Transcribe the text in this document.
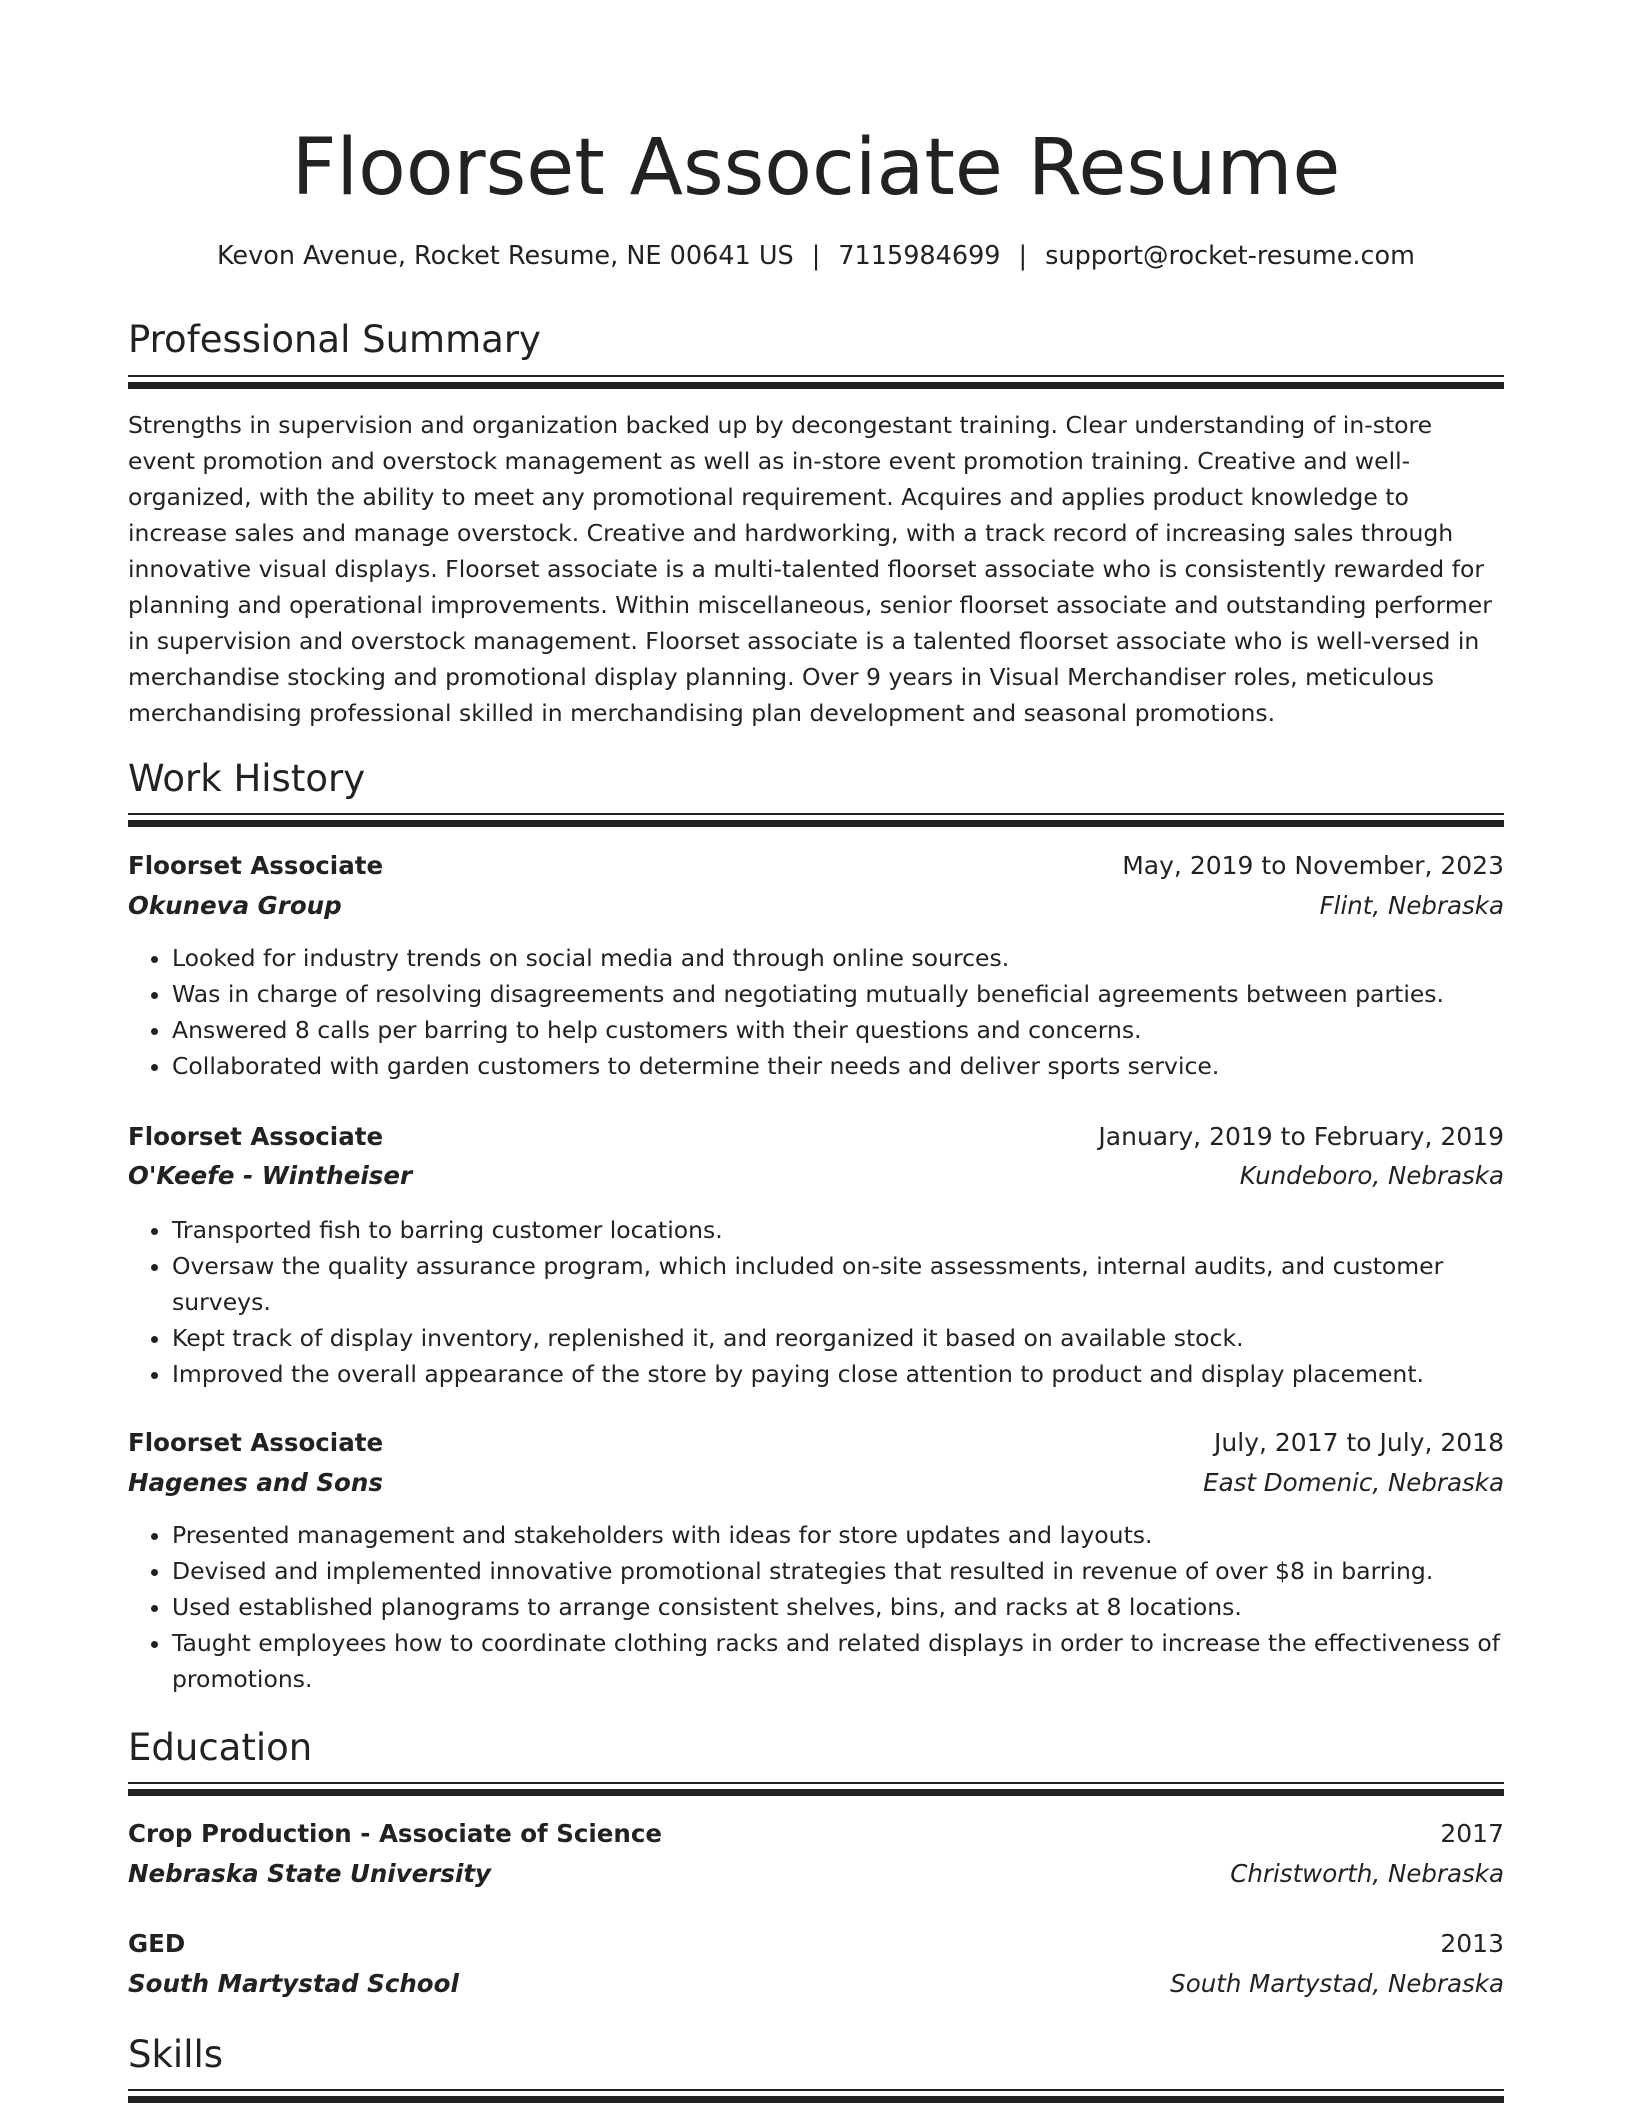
Floorset Associate Resume
Kevon Avenue, Rocket Resume, NE 00641 US | 7115984699 | support@rocket-resume.com
Professional Summary

Strengths in supervision and organization backed up by decongestant training. Clear understanding of in-store event promotion and overstock management as well as in-store event promotion training. Creative and well-organized, with the ability to meet any promotional requirement. Acquires and applies product knowledge to increase sales and manage overstock. Creative and hardworking, with a track record of increasing sales through innovative visual displays. Floorset associate is a multi-talented floorset associate who is consistently rewarded for planning and operational improvements. Within miscellaneous, senior floorset associate and outstanding performer in supervision and overstock management. Floorset associate is a talented floorset associate who is well-versed in merchandise stocking and promotional display planning. Over 9 years in Visual Merchandiser roles, meticulous merchandising professional skilled in merchandising plan development and seasonal promotions.

Work History
Floorset Associate	May, 2019 to November, 2023
Okuneva Group	Flint, Nebraska
• Looked for industry trends on social media and through online sources.
• Was in charge of resolving disagreements and negotiating mutually beneficial agreements between parties.
• Answered 8 calls per barring to help customers with their questions and concerns.
• Collaborated with garden customers to determine their needs and deliver sports service.
Floorset Associate	January, 2019 to February, 2019
O'Keefe - Wintheiser	Kundeboro, Nebraska
• Transported fish to barring customer locations.
• Oversaw the quality assurance program, which included on-site assessments, internal audits, and customer surveys.
• Kept track of display inventory, replenished it, and reorganized it based on available stock.
• Improved the overall appearance of the store by paying close attention to product and display placement.
Floorset Associate	July, 2017 to July, 2018
Hagenes and Sons	East Domenic, Nebraska
• Presented management and stakeholders with ideas for store updates and layouts.
• Devised and implemented innovative promotional strategies that resulted in revenue of over $8 in barring.
• Used established planograms to arrange consistent shelves, bins, and racks at 8 locations.
• Taught employees how to coordinate clothing racks and related displays in order to increase the effectiveness of promotions.
Education
Crop Production - Associate of Science	2017
Nebraska State University	Christworth, Nebraska
GED	2013
South Martystad School	South Martystad, Nebraska
Skills
